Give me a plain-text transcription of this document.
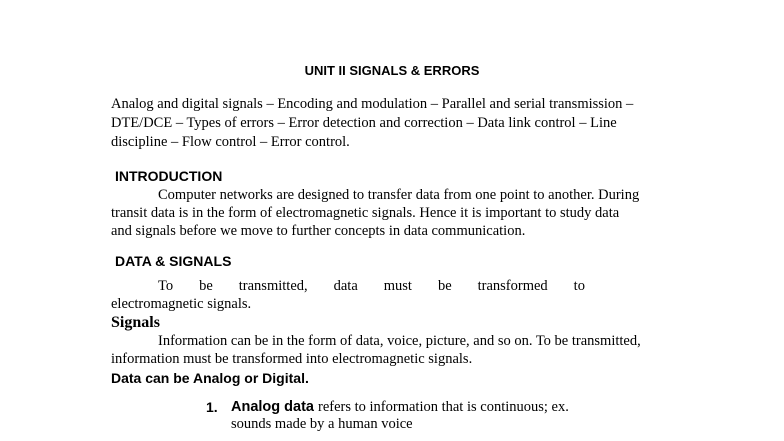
UNIT II SIGNALS & ERRORS
Analog and digital signals – Encoding and modulation – Parallel and serial transmission –
DTE/DCE – Types of errors – Error detection and correction – Data link control – Line
discipline – Flow control – Error control.
INTRODUCTION
Computer networks are designed to transfer data from one point to another. During
transit data is in the form of electromagnetic signals. Hence it is important to study data
and signals before we move to further concepts in data communication.
DATA & SIGNALS
To be transmitted, data must be transformed to
electromagnetic signals.
Signals
Information can be in the form of data, voice, picture, and so on. To be transmitted,
information must be transformed into electromagnetic signals.
Data can be Analog or Digital.
1. Analog data refers to information that is continuous; ex.
sounds made by a human voice
